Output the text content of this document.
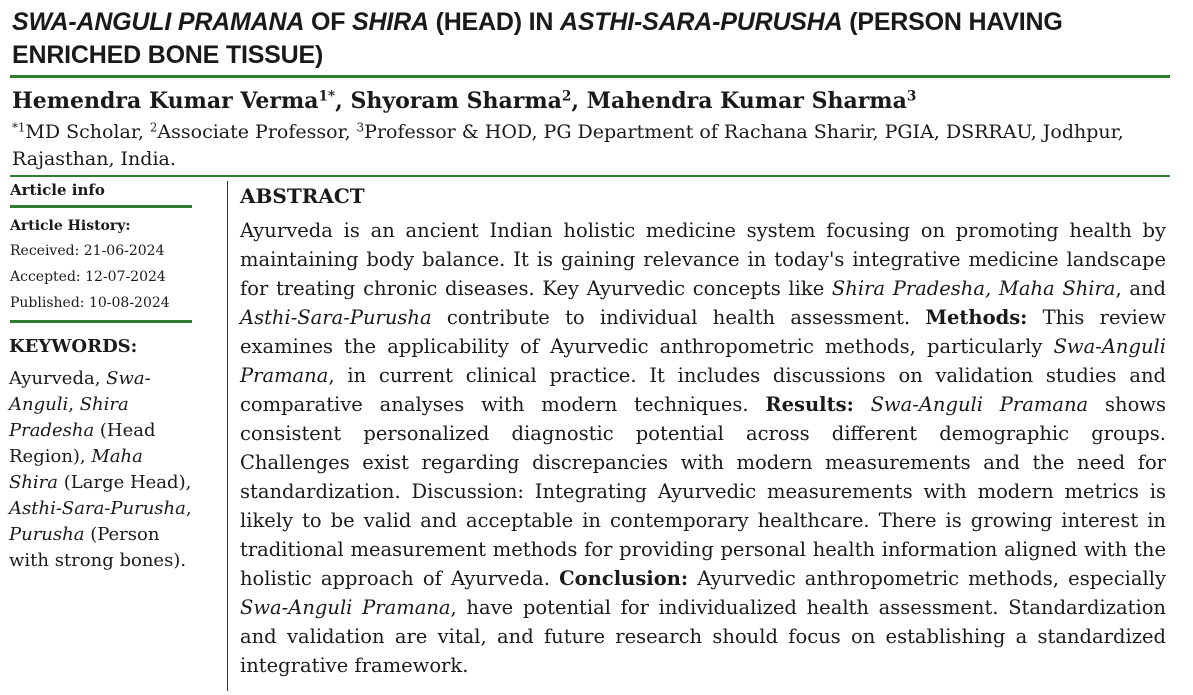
SWA-ANGULI PRAMANA OF SHIRA (HEAD) IN ASTHI-SARA-PURUSHA (PERSON HAVING ENRICHED BONE TISSUE)
Hemendra Kumar Verma$^{1*}$, Shyoram Sharma$^2$, Mahendra Kumar Sharma$^3$
$^{*1}$MD Scholar, $^2$Associate Professor, $^3$Professor & HOD, PG Department of Rachana Sharir, PGIA, DSRRAU, Jodhpur, Rajasthan, India.
Article info
Article History:
Received: 21-06-2024
Accepted: 12-07-2024
Published: 10-08-2024
KEYWORDS:
Ayurveda, Swa-Anguli, Shira Pradesha (Head Region), Maha Shira (Large Head), Asthi-Sara-Purusha, Purusha (Person with strong bones).
ABSTRACT
Ayurveda is an ancient Indian holistic medicine system focusing on promoting health by maintaining body balance. It is gaining relevance in today's integrative medicine landscape for treating chronic diseases. Key Ayurvedic concepts like Shira Pradesha, Maha Shira, and Asthi-Sara-Purusha contribute to individual health assessment. Methods: This review examines the applicability of Ayurvedic anthropometric methods, particularly Swa-Anguli Pramana, in current clinical practice. It includes discussions on validation studies and comparative analyses with modern techniques. Results: Swa-Anguli Pramana shows consistent personalized diagnostic potential across different demographic groups. Challenges exist regarding discrepancies with modern measurements and the need for standardization. Discussion: Integrating Ayurvedic measurements with modern metrics is likely to be valid and acceptable in contemporary healthcare. There is growing interest in traditional measurement methods for providing personal health information aligned with the holistic approach of Ayurveda. Conclusion: Ayurvedic anthropometric methods, especially Swa-Anguli Pramana, have potential for individualized health assessment. Standardization and validation are vital, and future research should focus on establishing a standardized integrative framework.
